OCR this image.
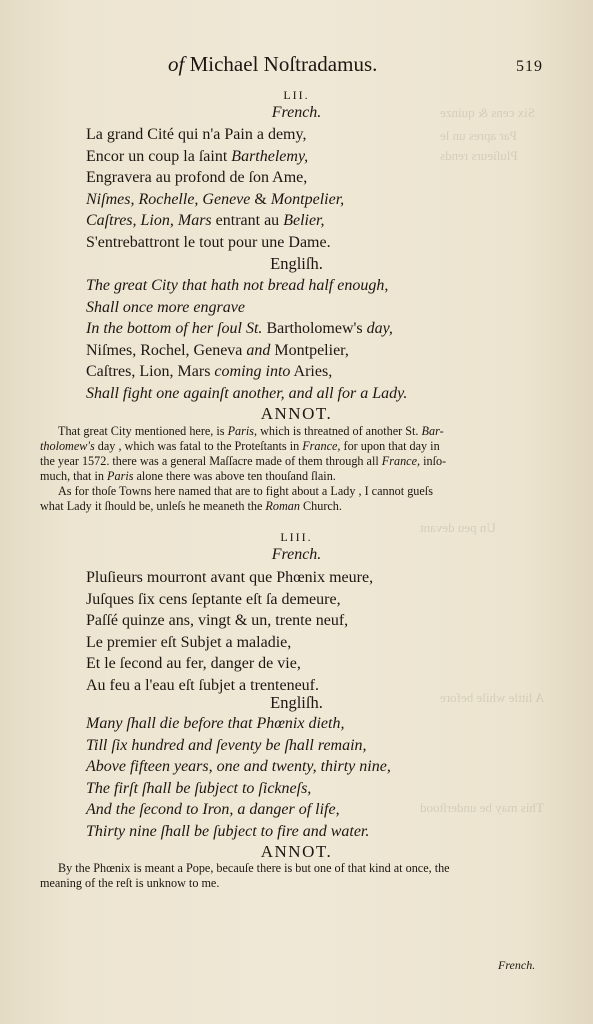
Six cens & quinze
Par apres un le
Pluſieurs rends
Un peu devant
A little while before
This may be underſtood
of Michael Noſtradamus.	519
LII.
French.
La grand Cité qui n'a Pain a demy,
Encor un coup la ſaint Barthelemy,
Engravera au profond de ſon Ame,
Niſmes, Rochelle, Geneve & Montpelier,
Caſtres, Lion, Mars entrant au Belier,
S'entrebattront le tout pour une Dame.
Engliſh.
The great City that hath not bread half enough,
Shall once more engrave
In the bottom of her ſoul St. Bartholomew's day,
Niſmes, Rochel, Geneva and Montpelier,
Caſtres, Lion, Mars coming into Aries,
Shall fight one againſt another, and all for a Lady.
ANNOT.
That great City mentioned here, is Paris, which is threatned of another St. Bar-
tholomew's day , which was fatal to the Proteſtants in France, for upon that day in
the year 1572. there was a general Maſſacre made of them through all France, inſo-
much, that in Paris alone there was above ten thouſand ſlain.
As for thoſe Towns here named that are to fight about a Lady , I cannot gueſs
what Lady it ſhould be, unleſs he meaneth the Roman Church.
LIII.
French.
Pluſieurs mourront avant que Phœnix meure,
Juſques ſix cens ſeptante eſt ſa demeure,
Paſſé quinze ans, vingt & un, trente neuf,
Le premier eſt Subjet a maladie,
Et le ſecond au fer, danger de vie,
Au feu a l'eau eſt ſubjet a trenteneuf.
Engliſh.
Many ſhall die before that Phœnix dieth,
Till ſix hundred and ſeventy be ſhall remain,
Above fifteen years, one and twenty, thirty nine,
The firſt ſhall be ſubject to ſickneſs,
And the ſecond to Iron, a danger of life,
Thirty nine ſhall be ſubject to fire and water.
ANNOT.
By the Phœnix is meant a Pope, becauſe there is but one of that kind at once, the
meaning of the reſt is unknow to me.
French.
